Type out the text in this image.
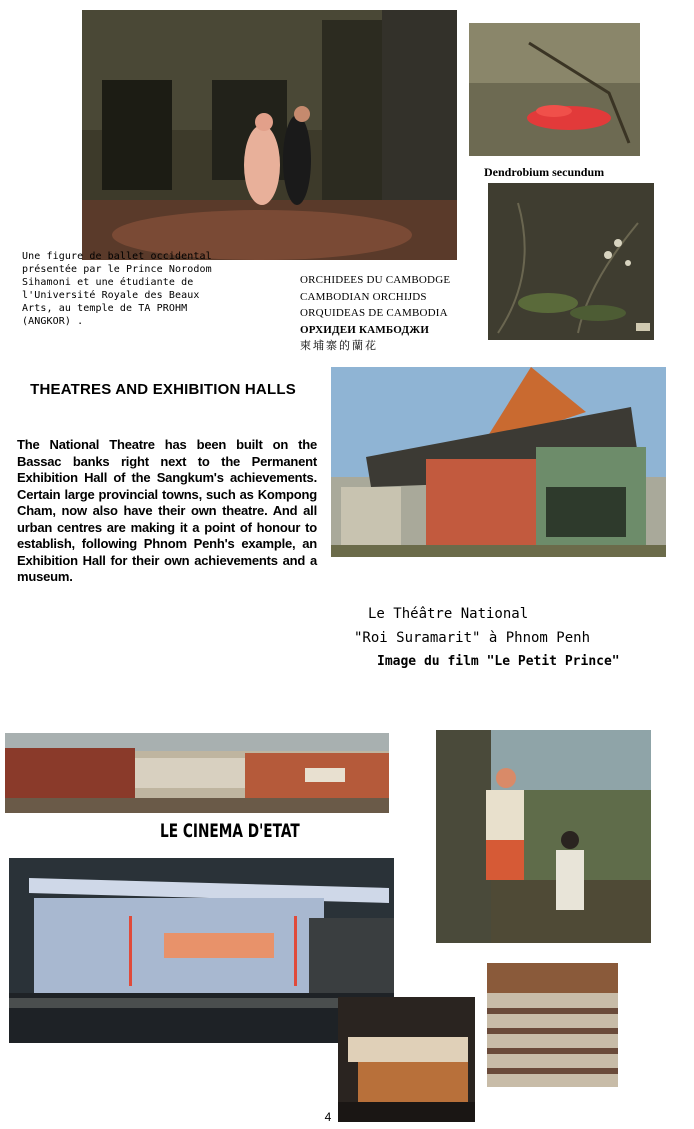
Dendrobium secundum
Une figure de ballet occidental
présentée par le Prince Norodom
Sihamoni et une étudiante de
l'Université Royale des Beaux
Arts, au temple de TA PROHM
(ANGKOR) .
ORCHIDEES DU CAMBODGE
CAMBODIAN ORCHIJDS
ORQUIDEAS DE CAMBODIA
ОРХИДЕИ КАМБОДЖИ
柬埔寨的蘭花
THEATRES AND EXHIBITION HALLS
The National Theatre has been built on the Bassac banks right next to the Permanent Exhibition Hall of the Sangkum's achievements. Certain large provincial towns, such as Kompong Cham, now also have their own theatre. And all urban centres are making it a point of honour to establish, following Phnom Penh's example, an Exhibition Hall for their own achievements and a museum.
Le Théâtre National
"Roi Suramarit" à Phnom Penh
Image du film "Le Petit Prince"
LE CINEMA D'ETAT
4
